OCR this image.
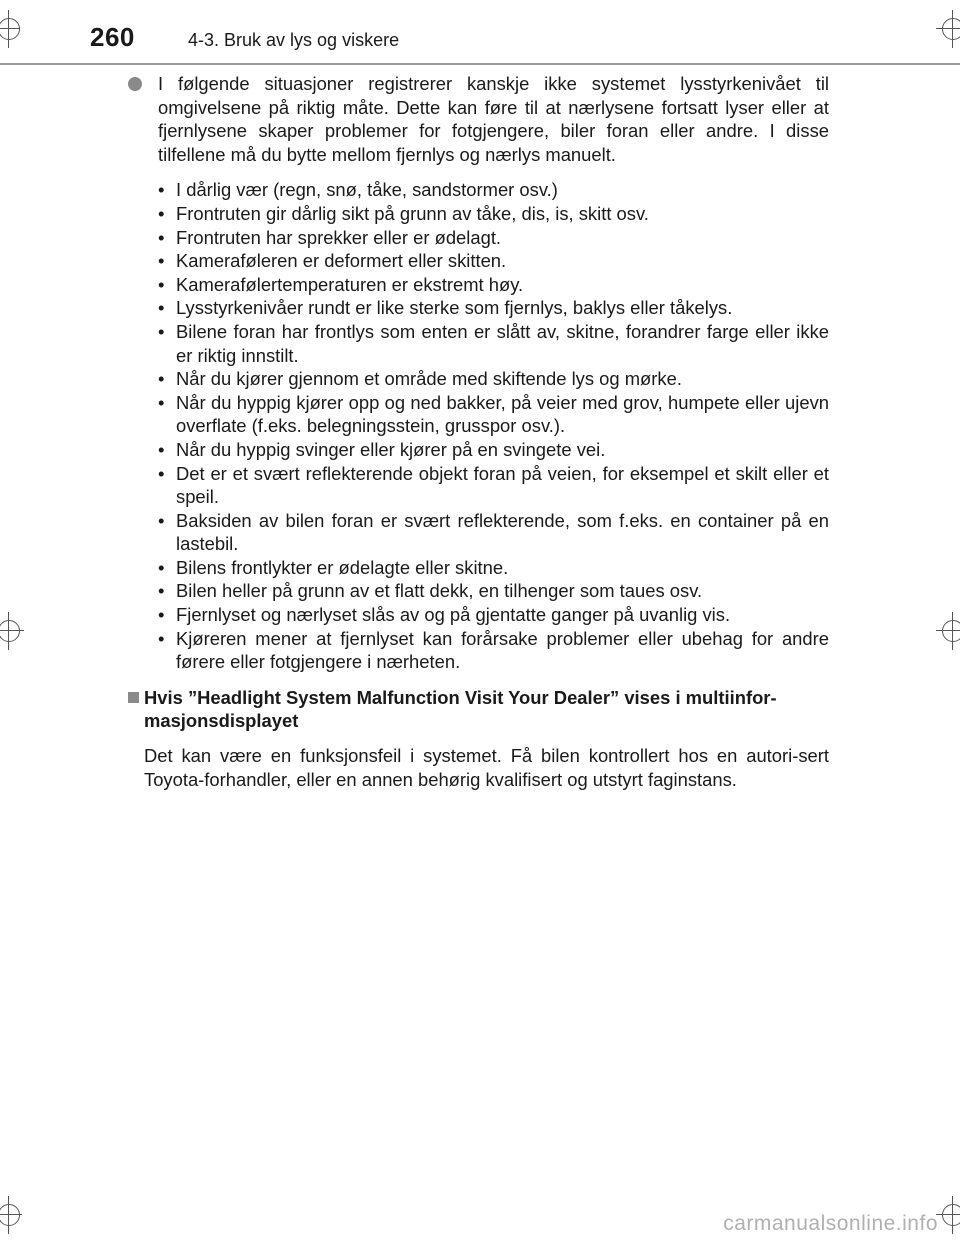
260	4-3. Bruk av lys og viskere
I følgende situasjoner registrerer kanskje ikke systemet lysstyrkenivået til omgivelsene på riktig måte. Dette kan føre til at nærlysene fortsatt lyser eller at fjernlysene skaper problemer for fotgjengere, biler foran eller andre. I disse tilfellene må du bytte mellom fjernlys og nærlys manuelt.
• I dårlig vær (regn, snø, tåke, sandstormer osv.)
• Frontruten gir dårlig sikt på grunn av tåke, dis, is, skitt osv.
• Frontruten har sprekker eller er ødelagt.
• Kameraføleren er deformert eller skitten.
• Kamerafølertemperaturen er ekstremt høy.
• Lysstyrkenivåer rundt er like sterke som fjernlys, baklys eller tåkelys.
• Bilene foran har frontlys som enten er slått av, skitne, forandrer farge eller ikke er riktig innstilt.
• Når du kjører gjennom et område med skiftende lys og mørke.
• Når du hyppig kjører opp og ned bakker, på veier med grov, humpete eller ujevn overflate (f.eks. belegningsstein, grusspor osv.).
• Når du hyppig svinger eller kjører på en svingete vei.
• Det er et svært reflekterende objekt foran på veien, for eksempel et skilt eller et speil.
• Baksiden av bilen foran er svært reflekterende, som f.eks. en container på en lastebil.
• Bilens frontlykter er ødelagte eller skitne.
• Bilen heller på grunn av et flatt dekk, en tilhenger som taues osv.
• Fjernlyset og nærlyset slås av og på gjentatte ganger på uvanlig vis.
• Kjøreren mener at fjernlyset kan forårsake problemer eller ubehag for andre førere eller fotgjengere i nærheten.
Hvis ”Headlight System Malfunction Visit Your Dealer” vises i multiinfor-masjonsdisplayet
Det kan være en funksjonsfeil i systemet. Få bilen kontrollert hos en autori-sert Toyota-forhandler, eller en annen behørig kvalifisert og utstyrt faginstans.
carmanualsonline.info
